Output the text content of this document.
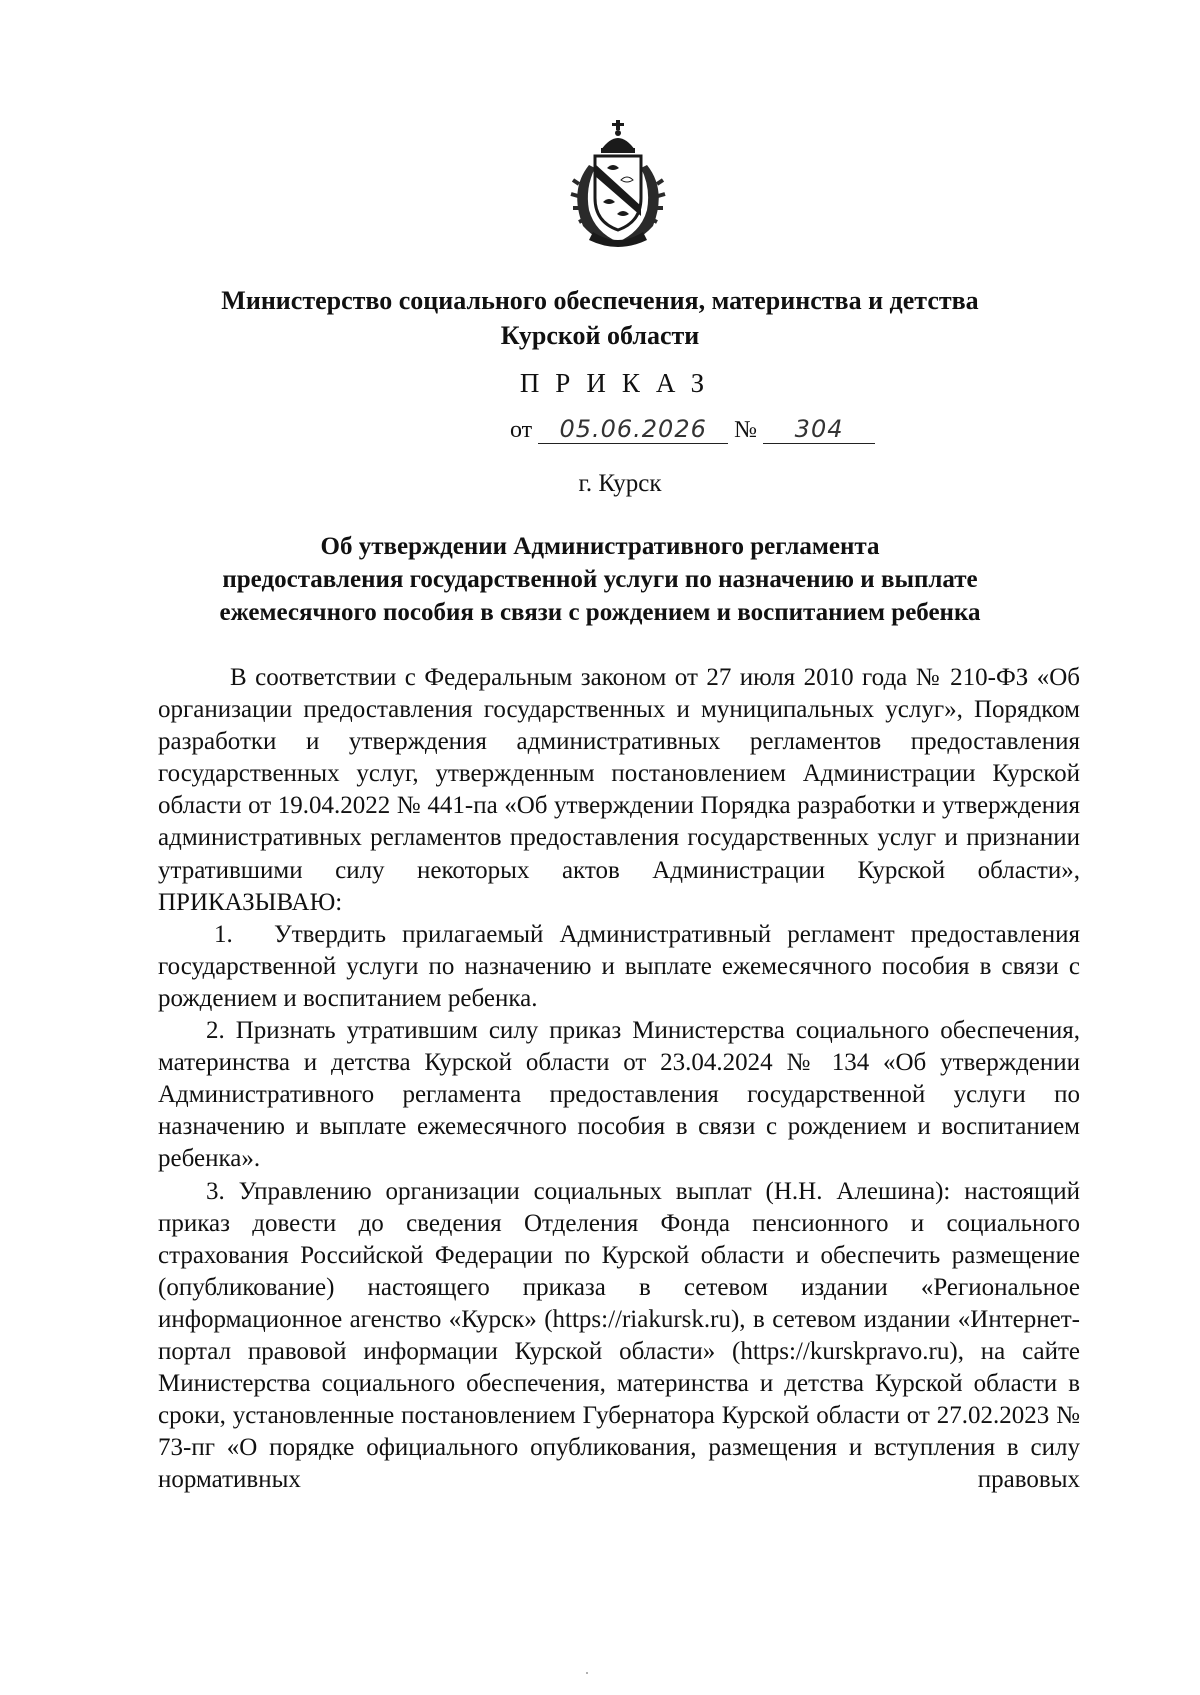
Министерство социального обеспечения, материнства и детства
Курской области
ПРИКАЗ
от 05.06.2026 № 304
г. Курск
Об утверждении Административного регламента
предоставления государственной услуги по назначению и выплате
ежемесячного пособия в связи с рождением и воспитанием ребенка

В соответствии с Федеральным законом от 27 июля 2010 года № 210-ФЗ «Об организации предоставления государственных и муниципальных услуг», Порядком разработки и утверждения административных регламентов предоставления государственных услуг, утвержденным постановлением Администрации Курской области от 19.04.2022 № 441-па «Об утверждении Порядка разработки и утверждения административных регламентов предоставления государственных услуг и признании утратившими силу некоторых актов Администрации Курской области», ПРИКАЗЫВАЮ:

1. Утвердить прилагаемый Административный регламент предоставления государственной услуги по назначению и выплате ежемесячного пособия в связи с рождением и воспитанием ребенка.

2. Признать утратившим силу приказ Министерства социального обеспечения, материнства и детства Курской области от 23.04.2024 № 134 «Об утверждении Административного регламента предоставления государственной услуги по назначению и выплате ежемесячного пособия в связи с рождением и воспитанием ребенка».

3. Управлению организации социальных выплат (Н.Н. Алешина): настоящий приказ довести до сведения Отделения Фонда пенсионного и социального страхования Российской Федерации по Курской области и обеспечить размещение (опубликование) настоящего приказа в сетевом издании «Региональное информационное агенство «Курск» (https://riakursk.ru), в сетевом издании «Интернет-портал правовой информации Курской области» (https://kurskpravo.ru), на сайте Министерства социального обеспечения, материнства и детства Курской области в сроки, установленные постановлением Губернатора Курской области от 27.02.2023 № 73-пг «О порядке официального опубликования, размещения и вступления в силу нормативных правовых
